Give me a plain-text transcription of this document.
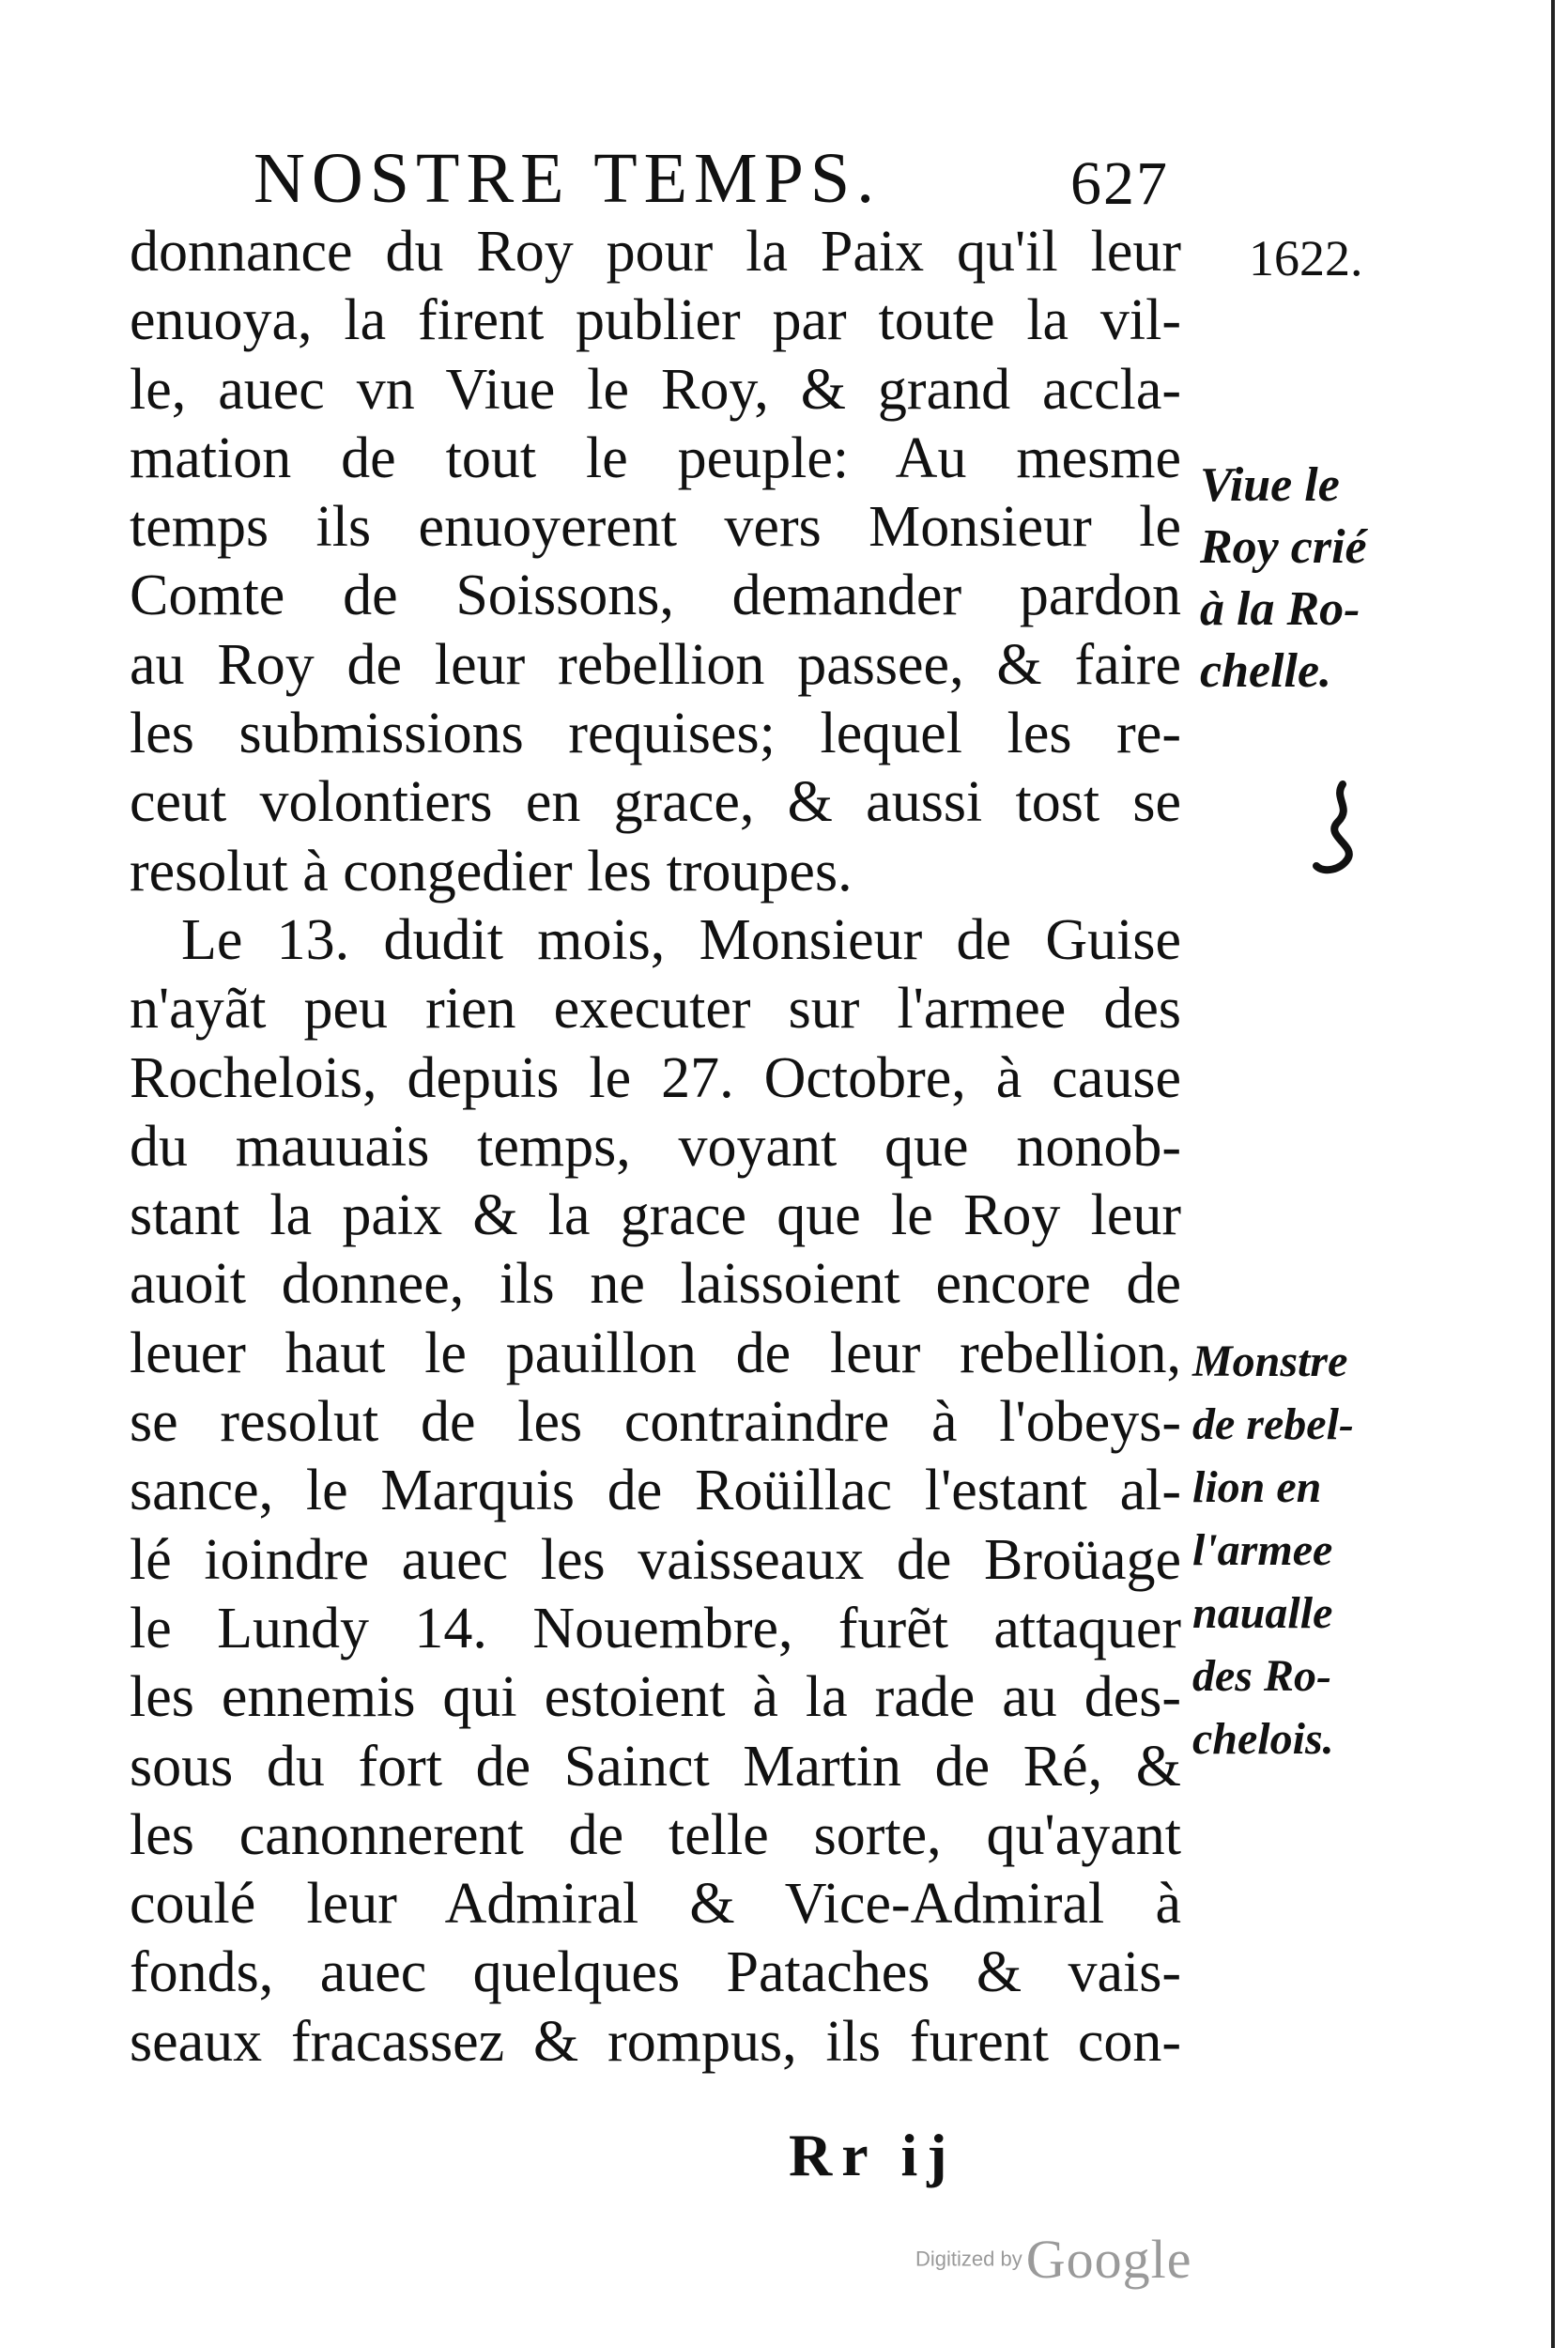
NOSTRE TEMPS.	627
1622.
Viue le
Roy crié
à la Ro-
chelle.
Monstre
de rebel-
lion en
l'armee
naualle
des Ro-
chelois.
donnance du Roy pour la Paix qu'il leur
enuoya, la firent publier par toute la vil-
le, auec vn Viue le Roy, & grand accla-
mation de tout le peuple: Au mesme
temps ils enuoyerent vers Monsieur le
Comte de Soissons, demander pardon
au Roy de leur rebellion passee, & faire
les submissions requises; lequel les re-
ceut volontiers en grace, & aussi tost se
resolut à congedier les troupes.
Le 13. dudit mois, Monsieur de Guise
n'ayãt peu rien executer sur l'armee des
Rochelois, depuis le 27. Octobre, à cause
du mauuais temps, voyant que nonob-
stant la paix & la grace que le Roy leur
auoit donnee, ils ne laissoient encore de
leuer haut le pauillon de leur rebellion,
se resolut de les contraindre à l'obeys-
sance, le Marquis de Roüillac l'estant al-
lé ioindre auec les vaisseaux de Broüage
le Lundy 14. Nouembre, furẽt attaquer
les ennemis qui estoient à la rade au des-
sous du fort de Sainct Martin de Ré, &
les canonnerent de telle sorte, qu'ayant
coulé leur Admiral & Vice-Admiral à
fonds, auec quelques Pataches & vais-
seaux fracassez & rompus, ils furent con-
Rr ij
Digitized by Google
